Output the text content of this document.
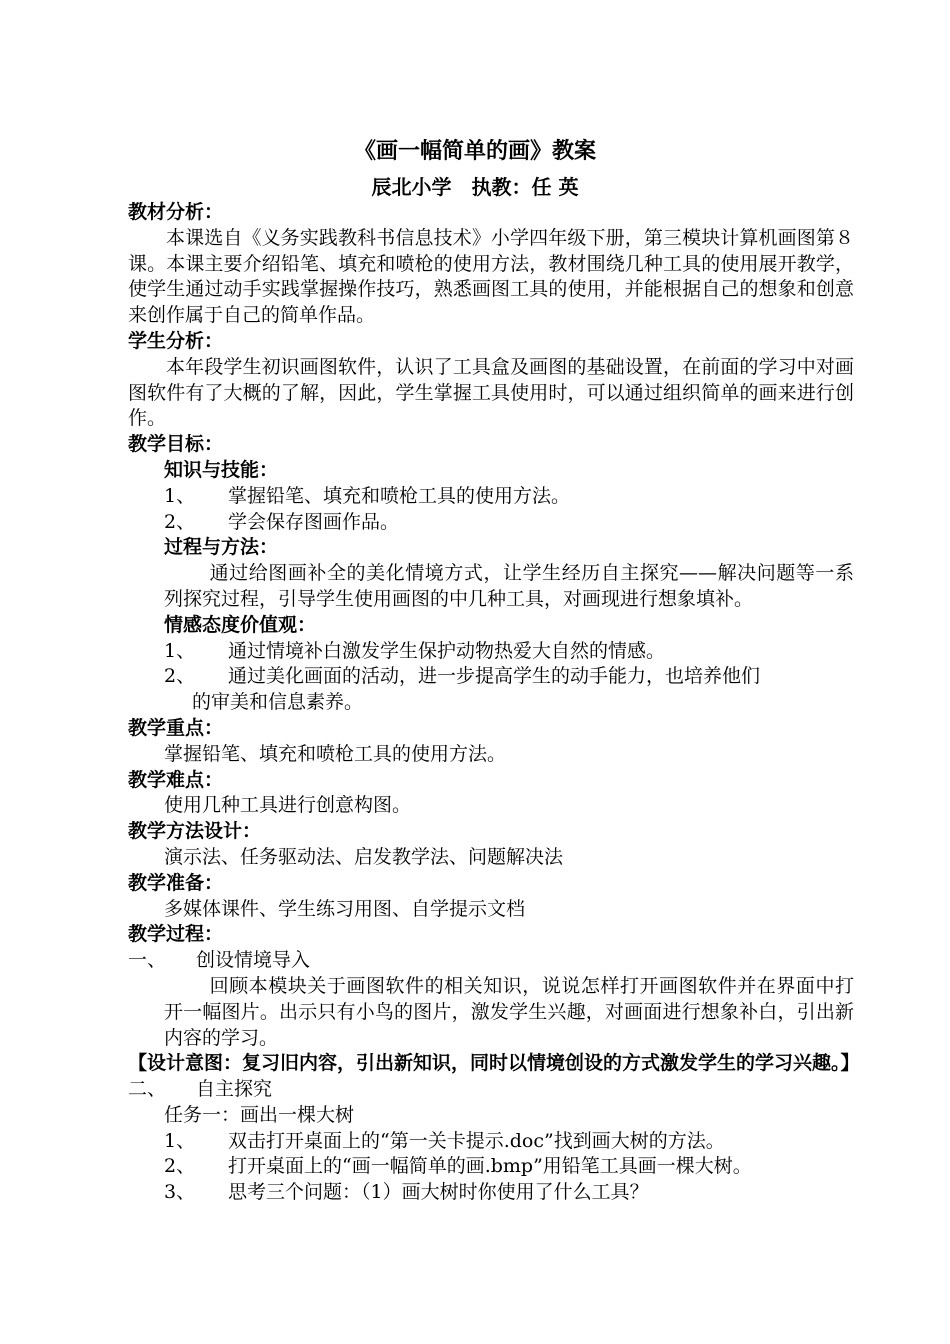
《画一幅简单的画》教案
辰北小学　执教：任 英
教材分析：
本课选自《义务实践教科书信息技术》小学四年级下册，第三模块计算机画图第８课。本课主要介绍铅笔、填充和喷枪的使用方法，教材围绕几种工具的使用展开教学，使学生通过动手实践掌握操作技巧，熟悉画图工具的使用，并能根据自己的想象和创意来创作属于自己的简单作品。
学生分析：
本年段学生初识画图软件，认识了工具盒及画图的基础设置，在前面的学习中对画图软件有了大概的了解，因此，学生掌握工具使用时，可以通过组织简单的画来进行创作。
教学目标：
知识与技能：
1、	掌握铅笔、填充和喷枪工具的使用方法。
2、	学会保存图画作品。
过程与方法：
通过给图画补全的美化情境方式，让学生经历自主探究——解决问题等一系列探究过程，引导学生使用画图的中几种工具，对画现进行想象填补。
情感态度价值观：
1、	通过情境补白激发学生保护动物热爱大自然的情感。
2、	通过美化画面的活动，进一步提高学生的动手能力，也培养他们
的审美和信息素养。
教学重点：
掌握铅笔、填充和喷枪工具的使用方法。
教学难点：
使用几种工具进行创意构图。
教学方法设计：
演示法、任务驱动法、启发教学法、问题解决法
教学准备：
多媒体课件、学生练习用图、自学提示文档
教学过程：
一、	创设情境导入
回顾本模块关于画图软件的相关知识，说说怎样打开画图软件并在界面中打开一幅图片。出示只有小鸟的图片，激发学生兴趣，对画面进行想象补白，引出新内容的学习。
【设计意图：复习旧内容，引出新知识，同时以情境创设的方式激发学生的学习兴趣。】
二、	自主探究
任务一：画出一棵大树
1、	双击打开桌面上的“第一关卡提示.doc”找到画大树的方法。
2、	打开桌面上的“画一幅简单的画.bmp”用铅笔工具画一棵大树。
3、	思考三个问题：（1）画大树时你使用了什么工具？
